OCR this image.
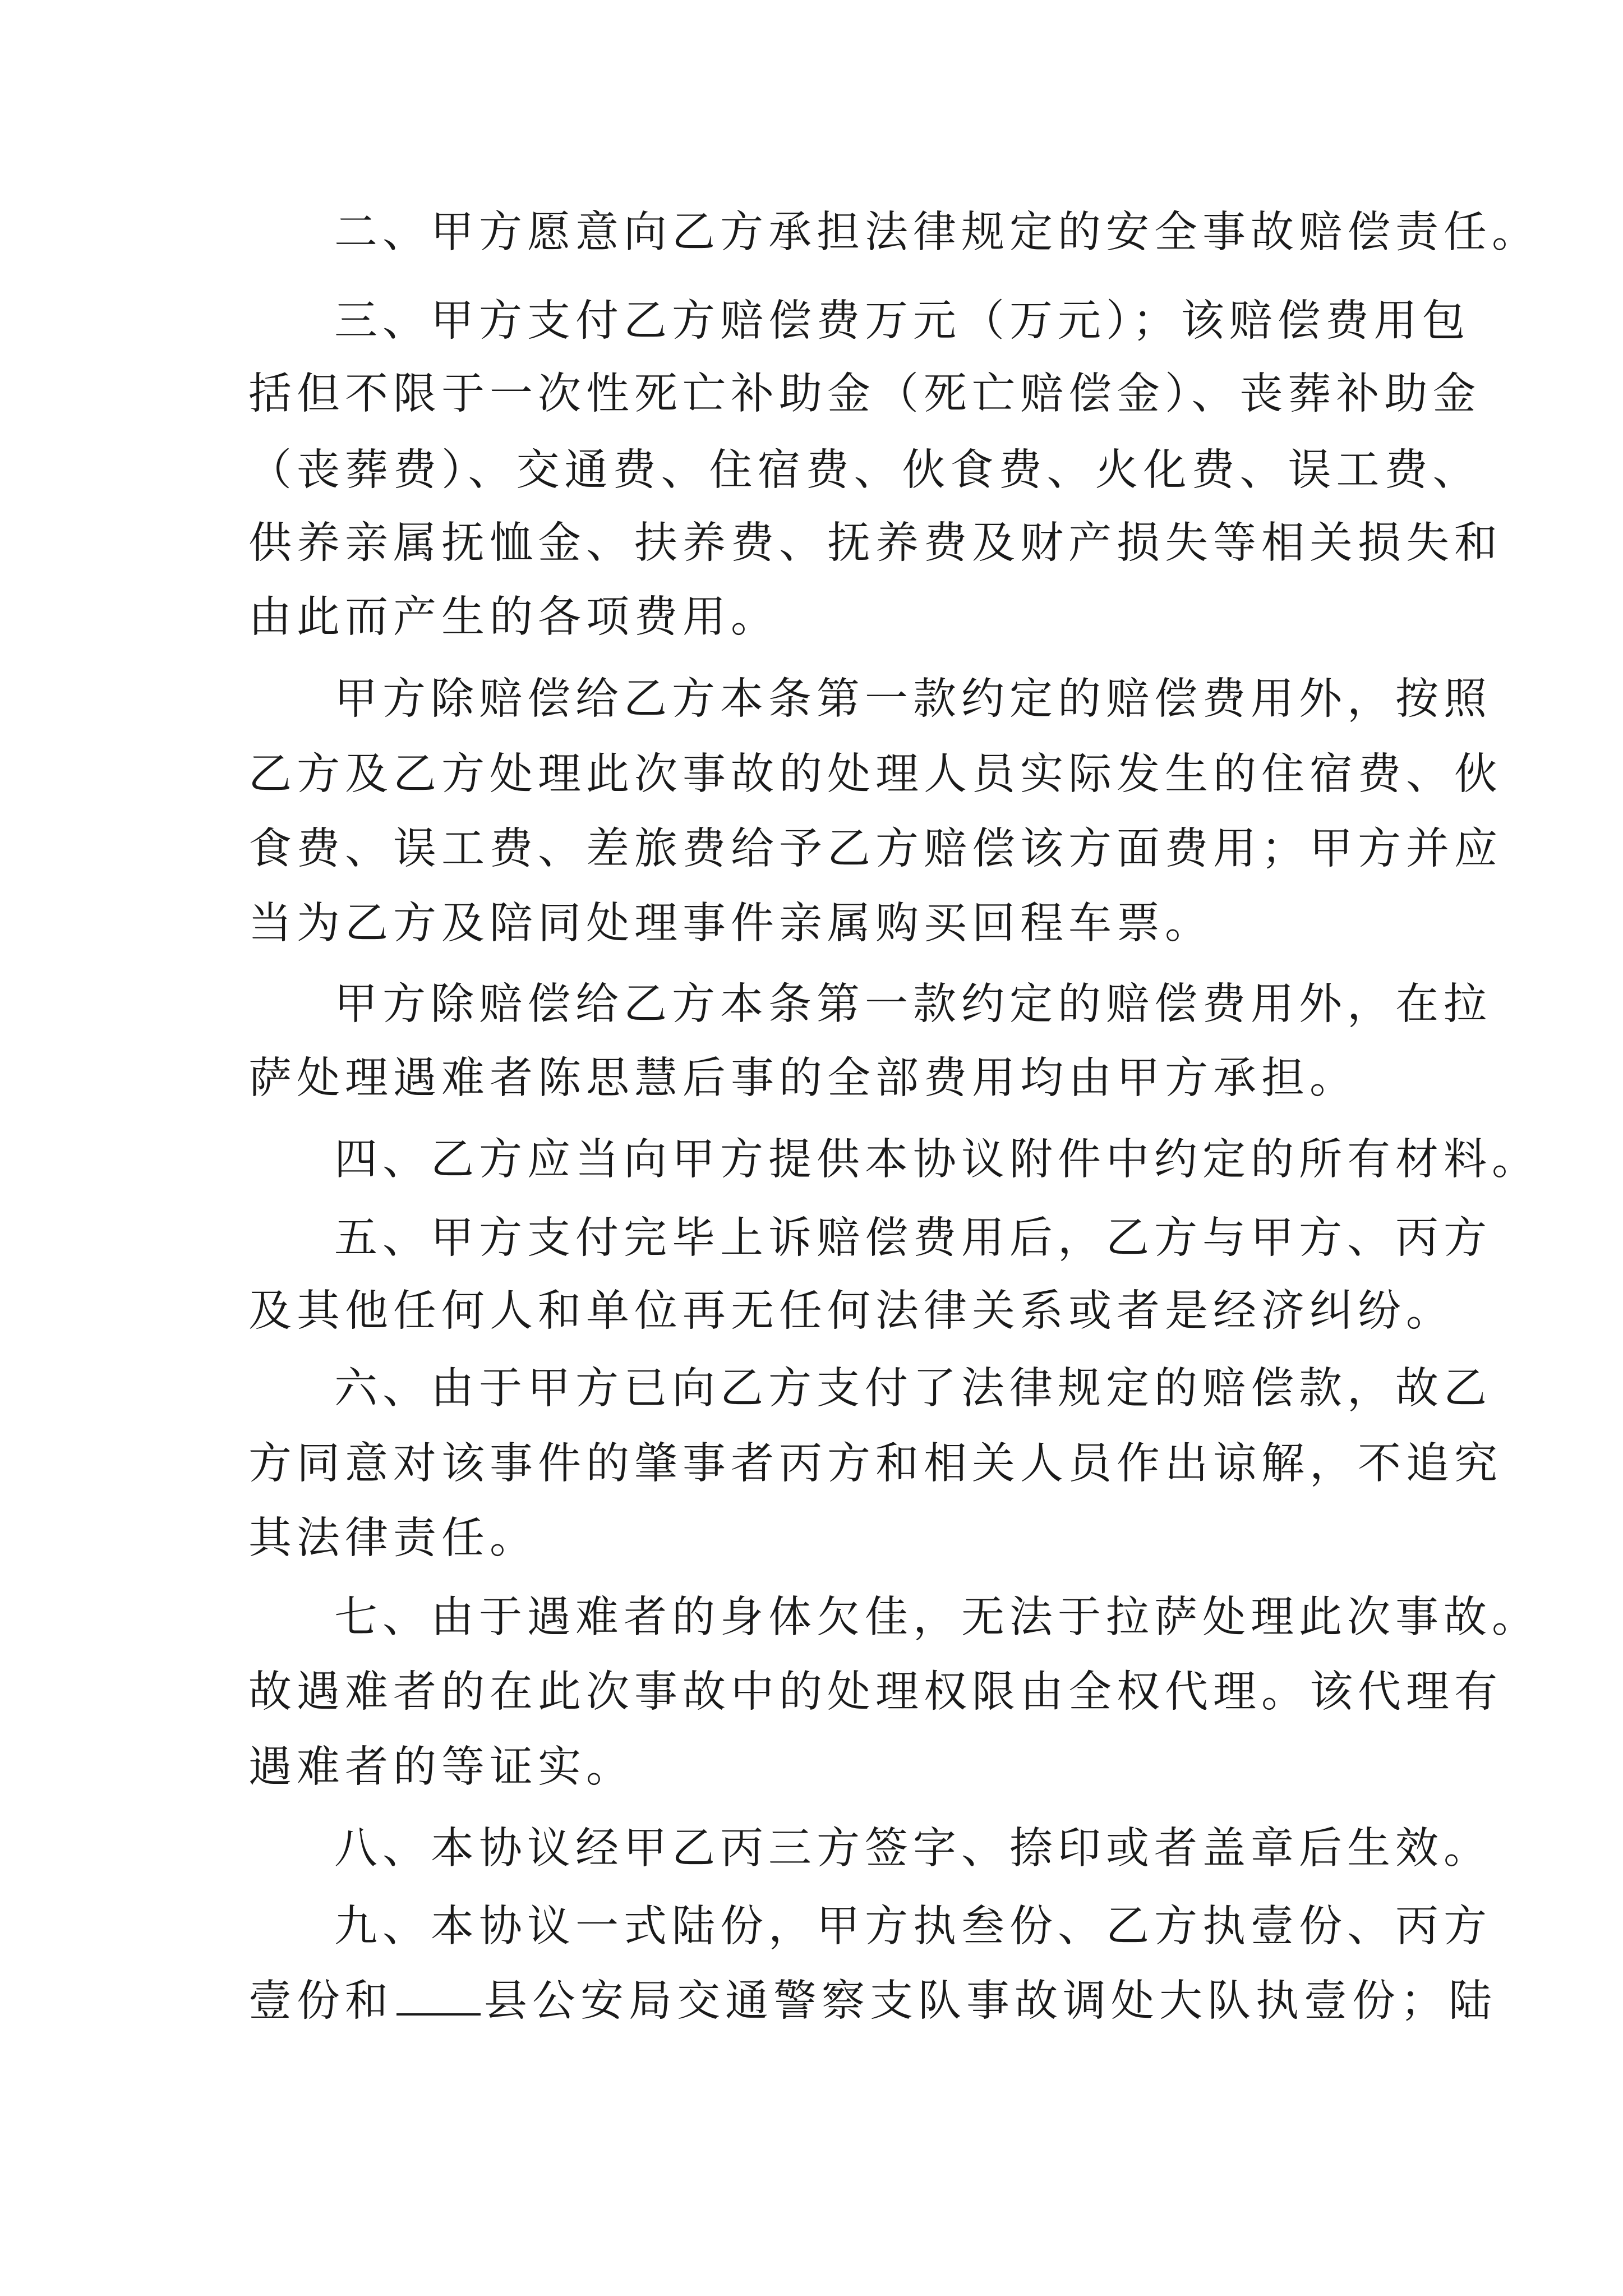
二、甲方愿意向乙方承担法律规定的安全事故赔偿责任。

三、甲方支付乙方赔偿费万元（万元）；该赔偿费用包

括但不限于一次性死亡补助金（死亡赔偿金）、丧葬补助金

（丧葬费）、交通费、住宿费、伙食费、火化费、误工费、

供养亲属抚恤金、扶养费、抚养费及财产损失等相关损失和

由此而产生的各项费用。

甲方除赔偿给乙方本条第一款约定的赔偿费用外，按照

乙方及乙方处理此次事故的处理人员实际发生的住宿费、伙

食费、误工费、差旅费给予乙方赔偿该方面费用；甲方并应

当为乙方及陪同处理事件亲属购买回程车票。

甲方除赔偿给乙方本条第一款约定的赔偿费用外，在拉

萨处理遇难者陈思慧后事的全部费用均由甲方承担。

四、乙方应当向甲方提供本协议附件中约定的所有材料。

五、甲方支付完毕上诉赔偿费用后，乙方与甲方、丙方

及其他任何人和单位再无任何法律关系或者是经济纠纷。

六、由于甲方已向乙方支付了法律规定的赔偿款，故乙

方同意对该事件的肇事者丙方和相关人员作出谅解，不追究

其法律责任。

七、由于遇难者的身体欠佳，无法于拉萨处理此次事故。

故遇难者的在此次事故中的处理权限由全权代理。该代理有

遇难者的等证实。

八、本协议经甲乙丙三方签字、捺印或者盖章后生效。

九、本协议一式陆份，甲方执叁份、乙方执壹份、丙方

壹份和 县公安局交通警察支队事故调处大队执壹份；陆
